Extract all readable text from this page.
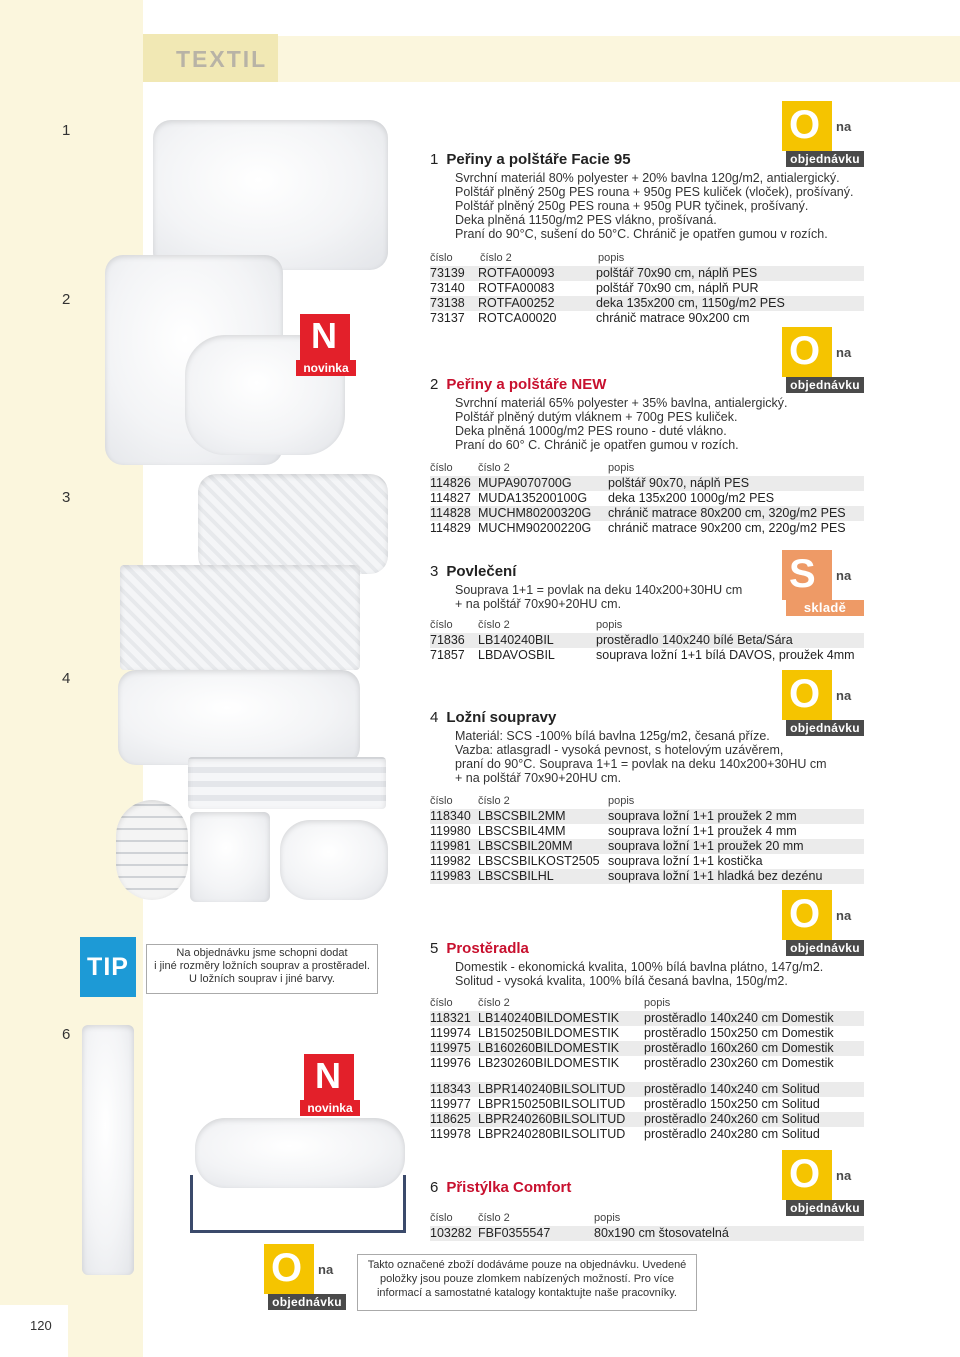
TEXTIL
1
2
3
4
6
O na
objednávku
O na
objednávku
S na
skladě
O na
objednávku
O na
objednávku
O na
objednávku
O na
objednávku
N
novinka
N
novinka
1 Peřiny a polštáře Facie 95
Svrchní materiál 80% polyester + 20% bavlna 120g/m2, antialergický.
Polštář plněný 250g PES rouna + 950g PES kuliček (vloček), prošívaný.
Polštář plněný 250g PES rouna + 950g PUR tyčinek, prošívaný.
Deka plněná 1150g/m2 PES vlákno, prošívaná.
Praní do 90°C, sušení do 50°C. Chránič je opatřen gumou v rozích.
číslo číslo 2	popis
73139 ROTFA00093	polštář 70x90 cm, náplň PES
73140 ROTFA00083	polštář 70x90 cm, náplň PUR
73138 ROTFA00252	deka 135x200 cm, 1150g/m2 PES
73137 ROTCA00020	chránič matrace 90x200 cm
2 Peřiny a polštáře NEW
Svrchní materiál 65% polyester + 35% bavlna, antialergický.
Polštář plněný dutým vláknem + 700g PES kuliček.
Deka plněná 1000g/m2 PES rouno - duté vlákno.
Praní do 60° C. Chránič je opatřen gumou v rozích.
číslo číslo 2	popis
114826 MUPA9070700G	polštář 90x70, náplň PES
114827 MUDA135200100G deka 135x200 1000g/m2 PES
114828 MUCHM80200320G chránič matrace 80x200 cm, 320g/m2 PES
114829 MUCHM90200220G chránič matrace 90x200 cm, 220g/m2 PES
3 Povlečení
Souprava 1+1 = povlak na deku 140x200+30HU cm
+ na polštář 70x90+20HU cm.
číslo číslo 2	popis
71836 LB140240BIL	prostěradlo 140x240 bílé Beta/Sára
71857 LBDAVOSBIL	souprava ložní 1+1 bílá DAVOS, proužek 4mm
4 Ložní soupravy
Materiál: SCS -100% bílá bavlna 125g/m2, česaná příze.
Vazba: atlasgradl - vysoká pevnost, s hotelovým uzávěrem,
praní do 90°C. Souprava 1+1 = povlak na deku 140x200+30HU cm
+ na polštář 70x90+20HU cm.
číslo číslo 2	popis
118340 LBSCSBIL2MM	souprava ložní 1+1 proužek 2 mm
119980 LBSCSBIL4MM	souprava ložní 1+1 proužek 4 mm
119981 LBSCSBIL20MM	souprava ložní 1+1 proužek 20 mm
119982 LBSCSBILKOST2505 souprava ložní 1+1 kostička
119983 LBSCSBILHL	souprava ložní 1+1 hladká bez dezénu
TIP	Na objednávku jsme schopni dodat
i jiné rozměry ložních souprav a prostěradel.
U ložních souprav i jiné barvy.
5 Prostěradla
Domestik - ekonomická kvalita, 100% bílá bavlna plátno, 147g/m2.
Solitud - vysoká kvalita, 100% bílá česaná bavlna, 150g/m2.
číslo číslo 2	popis
118321 LB140240BILDOMESTIK prostěradlo 140x240 cm Domestik
119974 LB150250BILDOMESTIK prostěradlo 150x250 cm Domestik
119975 LB160260BILDOMESTIK prostěradlo 160x260 cm Domestik
119976 LB230260BILDOMESTIK prostěradlo 230x260 cm Domestik
118343 LBPR140240BILSOLITUD prostěradlo 140x240 cm Solitud
119977 LBPR150250BILSOLITUD prostěradlo 150x250 cm Solitud
118625 LBPR240260BILSOLITUD prostěradlo 240x260 cm Solitud
119978 LBPR240280BILSOLITUD prostěradlo 240x280 cm Solitud
6 Přistýlka Comfort
číslo číslo 2	popis
103282 FBF0355547	80x190 cm štosovatelná
Takto označené zboží dodáváme pouze na objednávku. Uvedené
položky jsou pouze zlomkem nabízených možností. Pro více
informací a samostatné katalogy kontaktujte naše pracovníky.
120
